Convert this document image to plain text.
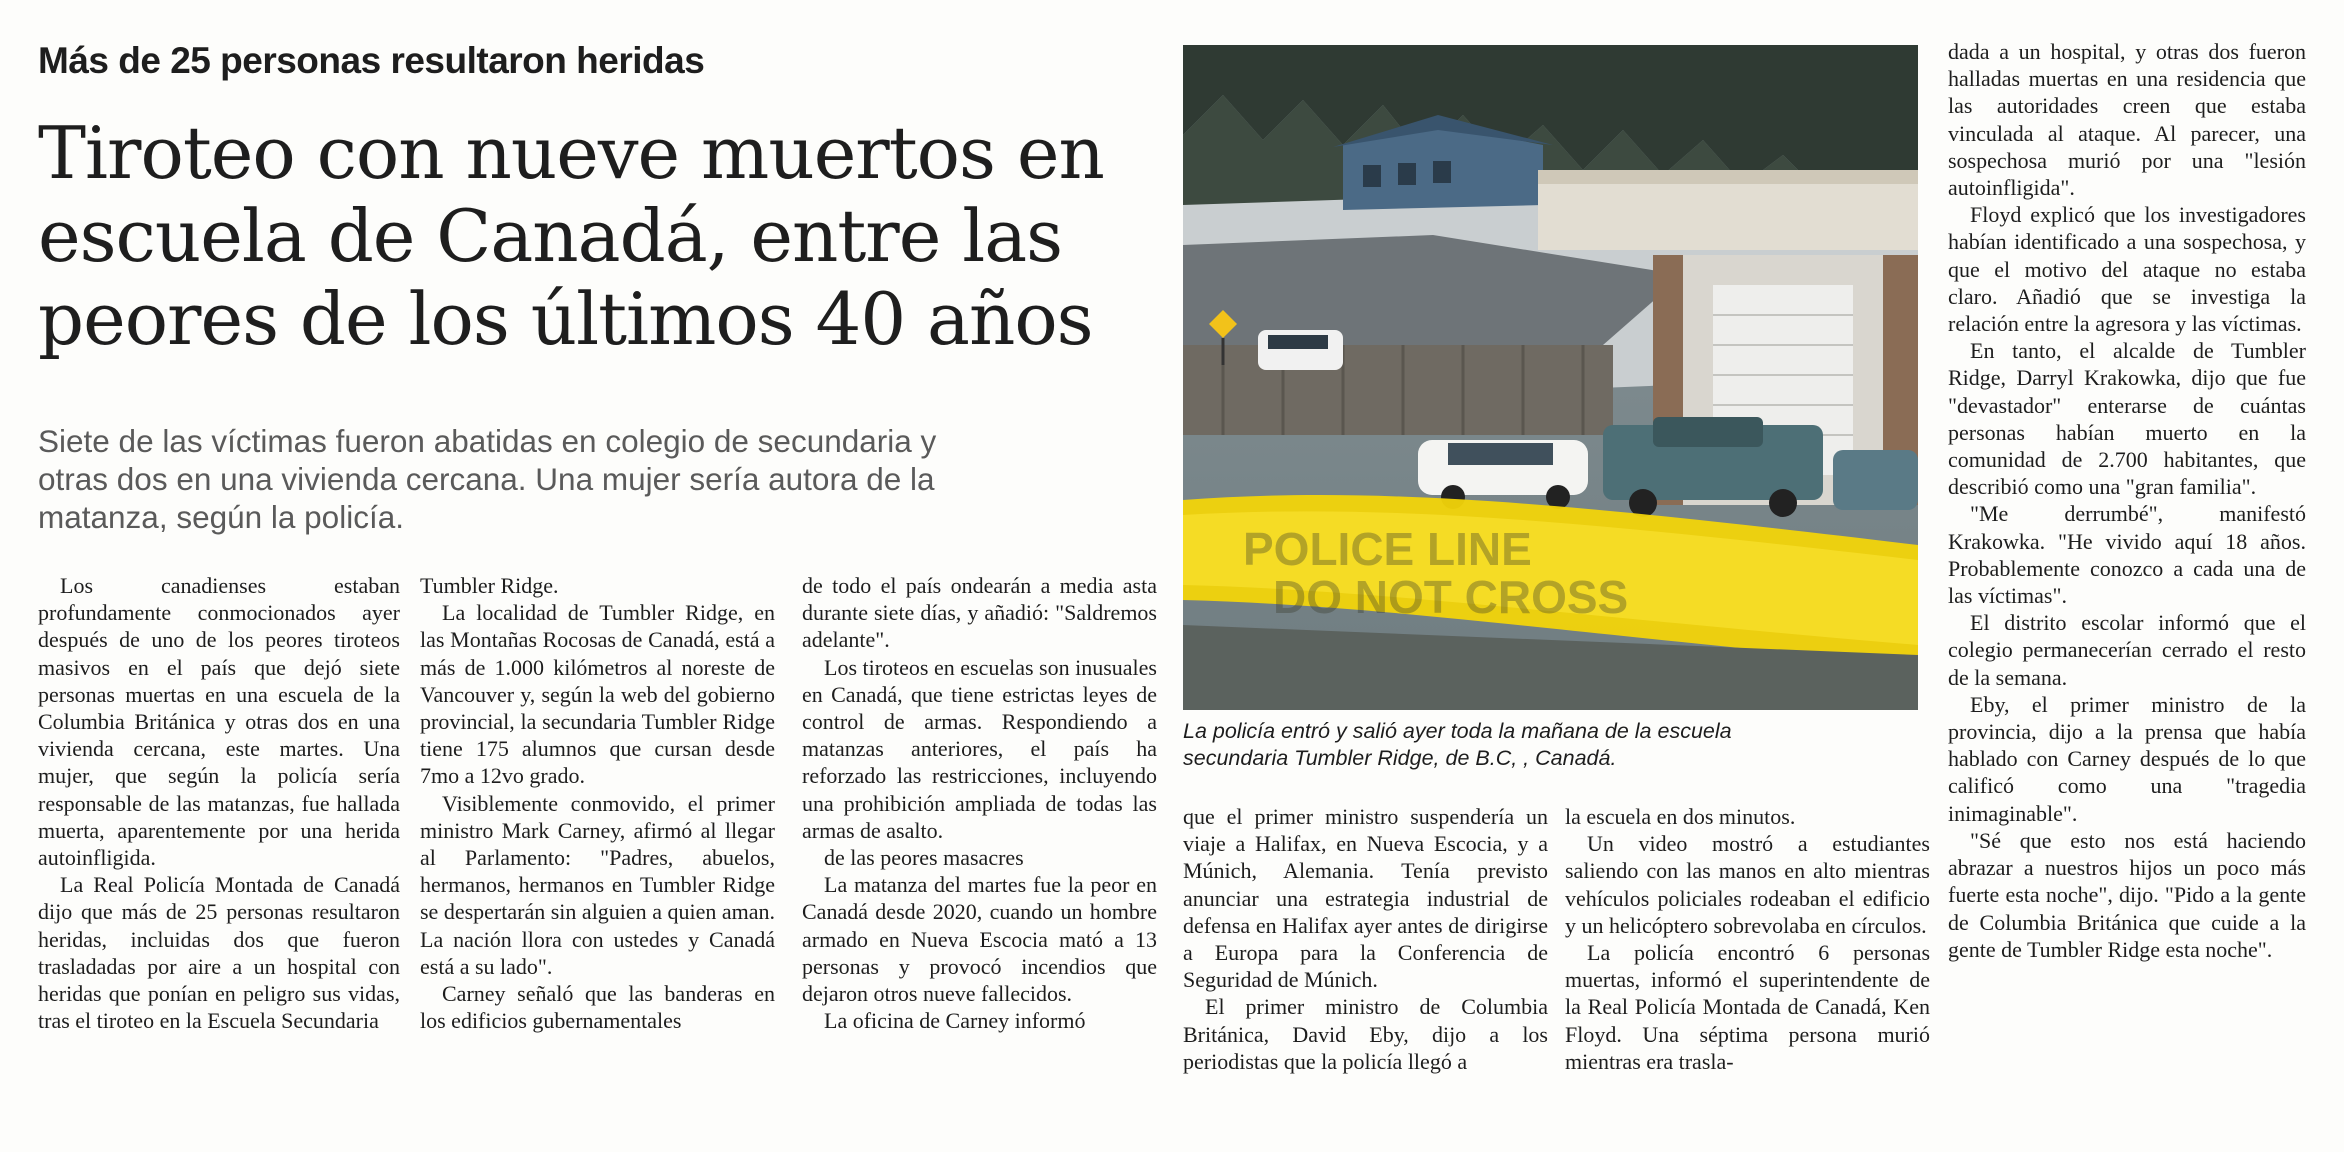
Más de 25 personas resultaron heridas
Tiroteo con nueve muertos en
escuela de Canadá, entre las
peores de los últimos 40 años
Siete de las víctimas fueron abatidas en colegio de secundaria y
otras dos en una vivienda cercana. Una mujer sería autora de la
matanza, según la policía.

Los canadienses estaban profundamente conmocionados ayer después de uno de los peores tiroteos masivos en el país que dejó siete personas muertas en una escuela de la Columbia Británica y otras dos en una vivienda cercana, este martes. Una mujer, que según la policía sería responsable de las matanzas, fue hallada muerta, aparentemente por una herida autoinfligida.

La Real Policía Montada de Canadá dijo que más de 25 personas resultaron heridas, incluidas dos que fueron trasladadas por aire a un hospital con heridas que ponían en peligro sus vidas, tras el tiroteo en la Escuela Secundaria

Tumbler Ridge.

La localidad de Tumbler Ridge, en las Montañas Rocosas de Canadá, está a más de 1.000 kilómetros al noreste de Vancouver y, según la web del gobierno provincial, la secundaria Tumbler Ridge tiene 175 alumnos que cursan desde 7mo a 12vo grado.

Visiblemente conmovido, el primer ministro Mark Carney, afirmó al llegar al Parlamento: "Padres, abuelos, hermanos, hermanos en Tumbler Ridge se despertarán sin alguien a quien aman. La nación llora con ustedes y Canadá está a su lado".

Carney señaló que las banderas en los edificios gubernamentales

de todo el país ondearán a media asta durante siete días, y añadió: "Saldremos adelante".

Los tiroteos en escuelas son inusuales en Canadá, que tiene estrictas leyes de control de armas. Respondiendo a matanzas anteriores, el país ha reforzado las restricciones, incluyendo una prohibición ampliada de todas las armas de asalto.

de las peores masacres

La matanza del martes fue la peor en Canadá desde 2020, cuando un hombre armado en Nueva Escocia mató a 13 personas y provocó incendios que dejaron otros nueve fallecidos.

La oficina de Carney informó

POLICE LINE
DO NOT CROSS
La policía entró y salió ayer toda la mañana de la escuela
secundaria Tumbler Ridge, de B.C, , Canadá.

que el primer ministro suspendería un viaje a Halifax, en Nueva Escocia, y a Múnich, Alemania. Tenía previsto anunciar una estrategia industrial de defensa en Halifax ayer antes de dirigirse a Europa para la Conferencia de Seguridad de Múnich.

El primer ministro de Columbia Británica, David Eby, dijo a los periodistas que la policía llegó a

la escuela en dos minutos.

Un video mostró a estudiantes saliendo con las manos en alto mientras vehículos policiales rodeaban el edificio y un helicóptero sobrevolaba en círculos.

La policía encontró 6 personas muertas, informó el superintendente de la Real Policía Montada de Canadá, Ken Floyd. Una séptima persona murió mientras era trasla-

dada a un hospital, y otras dos fueron halladas muertas en una residencia que las autoridades creen que estaba vinculada al ataque. Al parecer, una sospechosa murió por una "lesión autoinfligida".

Floyd explicó que los investigadores habían identificado a una sospechosa, y que el motivo del ataque no estaba claro. Añadió que se investiga la relación entre la agresora y las víctimas.

En tanto, el alcalde de Tumbler Ridge, Darryl Krakowka, dijo que fue "devastador" enterarse de cuántas personas habían muerto en la comunidad de 2.700 habitantes, que describió como una "gran familia".

"Me derrumbé", manifestó Krakowka. "He vivido aquí 18 años. Probablemente conozco a cada una de las víctimas".

El distrito escolar informó que el colegio permanecerían cerrado el resto de la semana.

Eby, el primer ministro de la provincia, dijo a la prensa que había hablado con Carney después de lo que calificó como una "tragedia inimaginable".

"Sé que esto nos está haciendo abrazar a nuestros hijos un poco más fuerte esta noche", dijo. "Pido a la gente de Columbia Británica que cuide a la gente de Tumbler Ridge esta noche".
